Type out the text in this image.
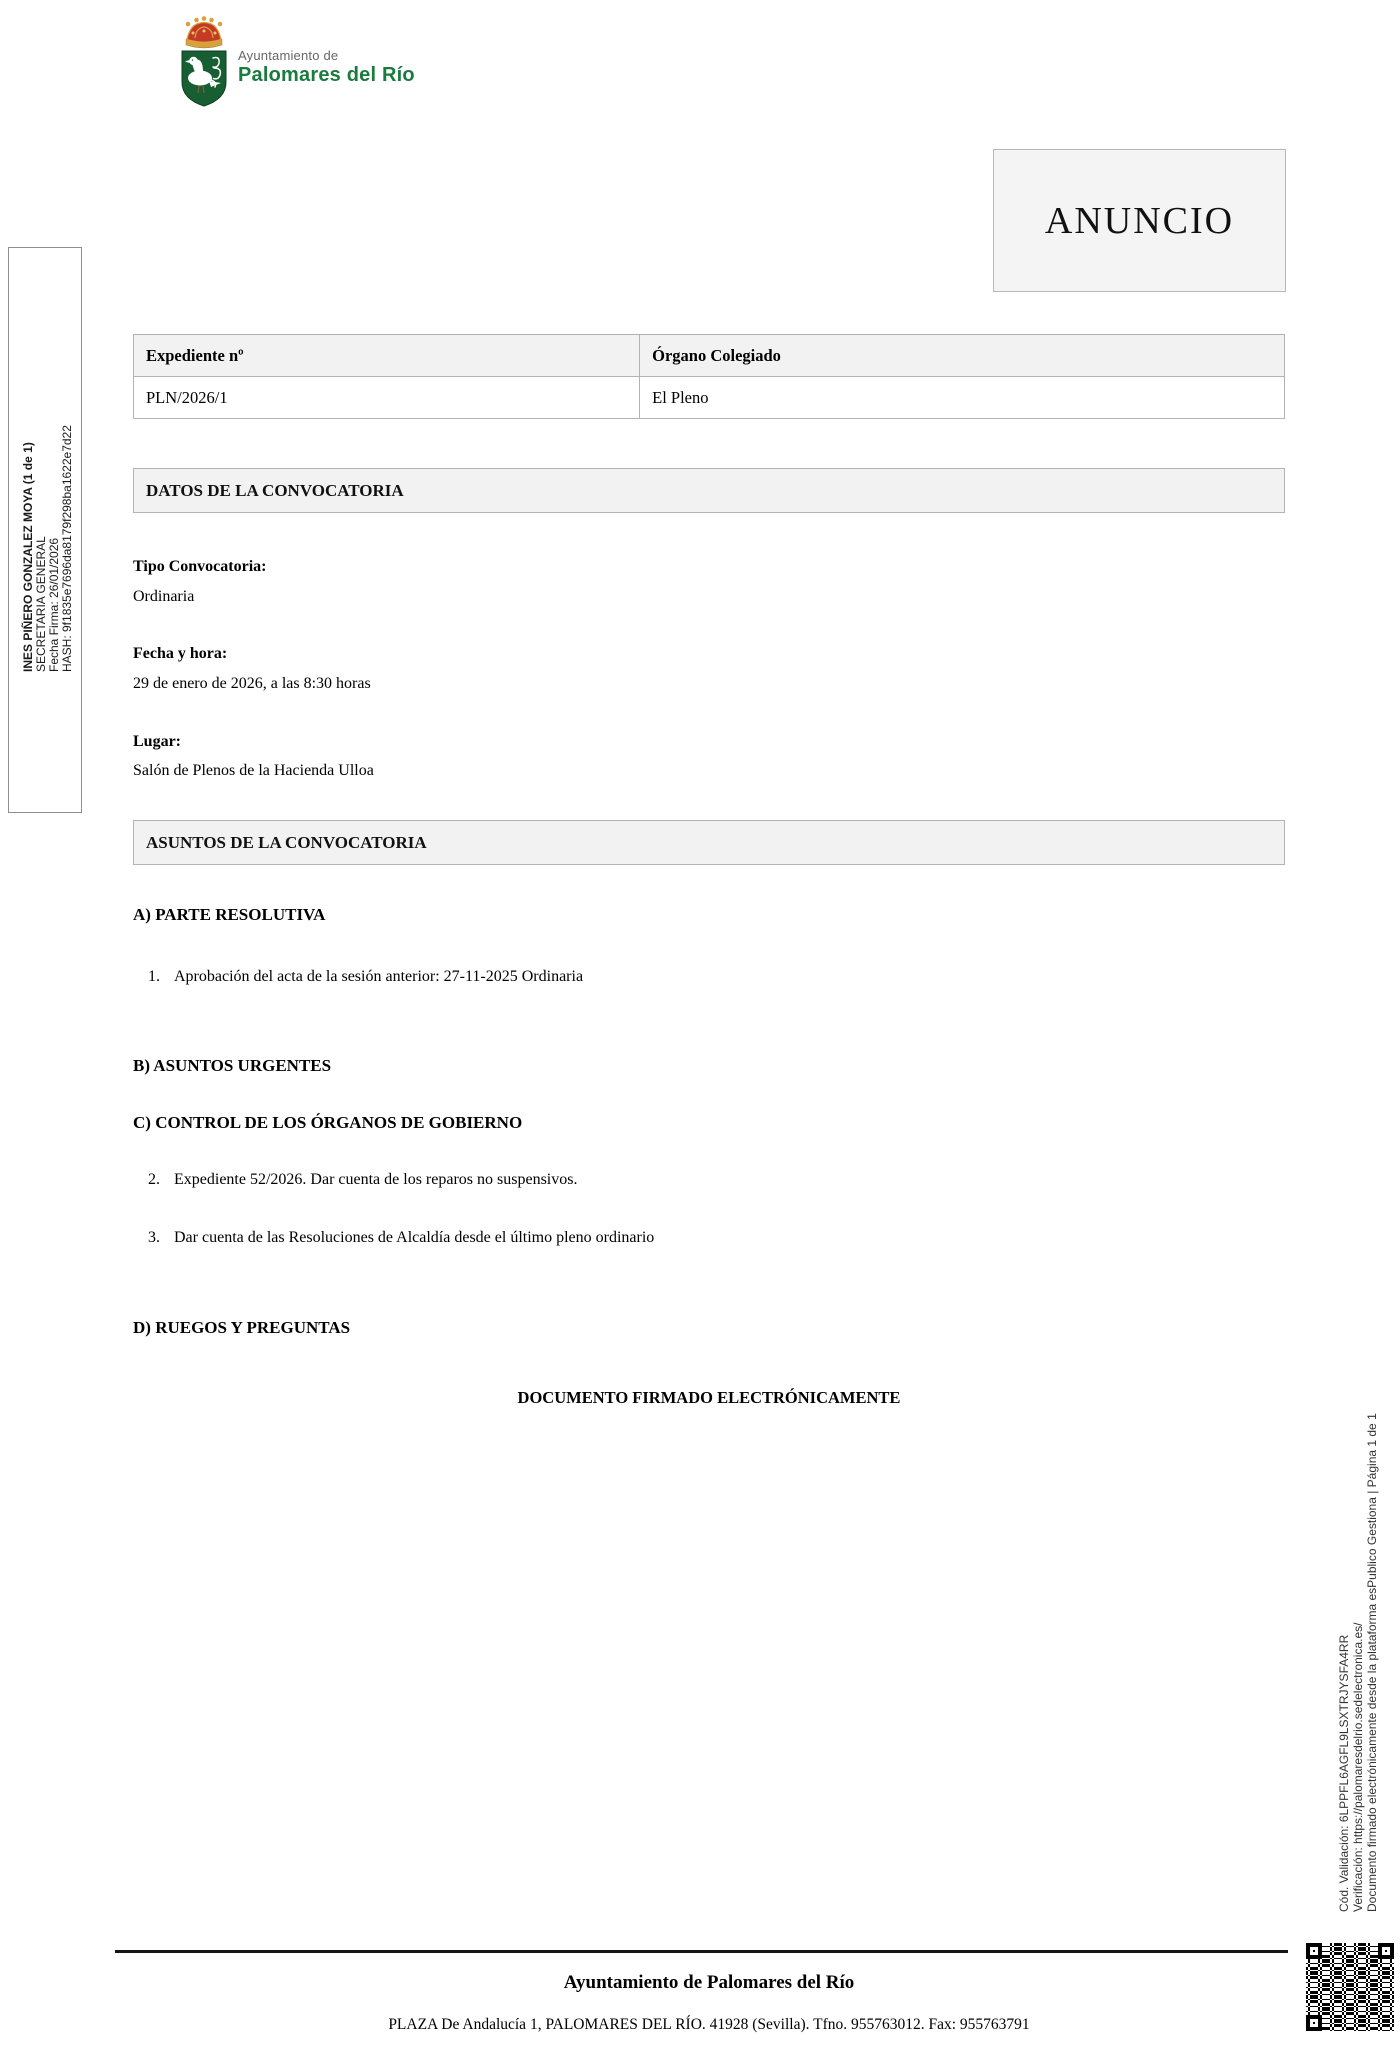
Ayuntamiento de
Palomares del Río
INES PIÑERO GONZALEZ MOYA (1 de 1) SECRETARIA GENERAL Fecha Firma: 26/01/2026 HASH: 9f1835e7696da8179f298ba1622e7d22
ANUNCIO
Expediente nº	Órgano Colegiado
PLN/2026/1	El Pleno
DATOS DE LA CONVOCATORIA
Tipo Convocatoria:
Ordinaria
Fecha y hora:
29 de enero de 2026, a las 8:30 horas
Lugar:
Salón de Plenos de la Hacienda Ulloa
ASUNTOS DE LA CONVOCATORIA
A) PARTE RESOLUTIVA
1. Aprobación del acta de la sesión anterior: 27-11-2025 Ordinaria
B) ASUNTOS URGENTES
C) CONTROL DE LOS ÓRGANOS DE GOBIERNO
2. Expediente 52/2026. Dar cuenta de los reparos no suspensivos.
3. Dar cuenta de las Resoluciones de Alcaldía desde el último pleno ordinario
D) RUEGOS Y PREGUNTAS
DOCUMENTO FIRMADO ELECTRÓNICAMENTE
Cód. Validación: 6LPPFL6AGFL9LSXTRJYSFA4RR Verificación: https://palomaresdelrio.sedelectronica.es/ Documento firmado electrónicamente desde la plataforma esPublico Gestiona | Página 1 de 1
Ayuntamiento de Palomares del Río
PLAZA De Andalucía 1, PALOMARES DEL RÍO. 41928 (Sevilla). Tfno. 955763012. Fax: 955763791
